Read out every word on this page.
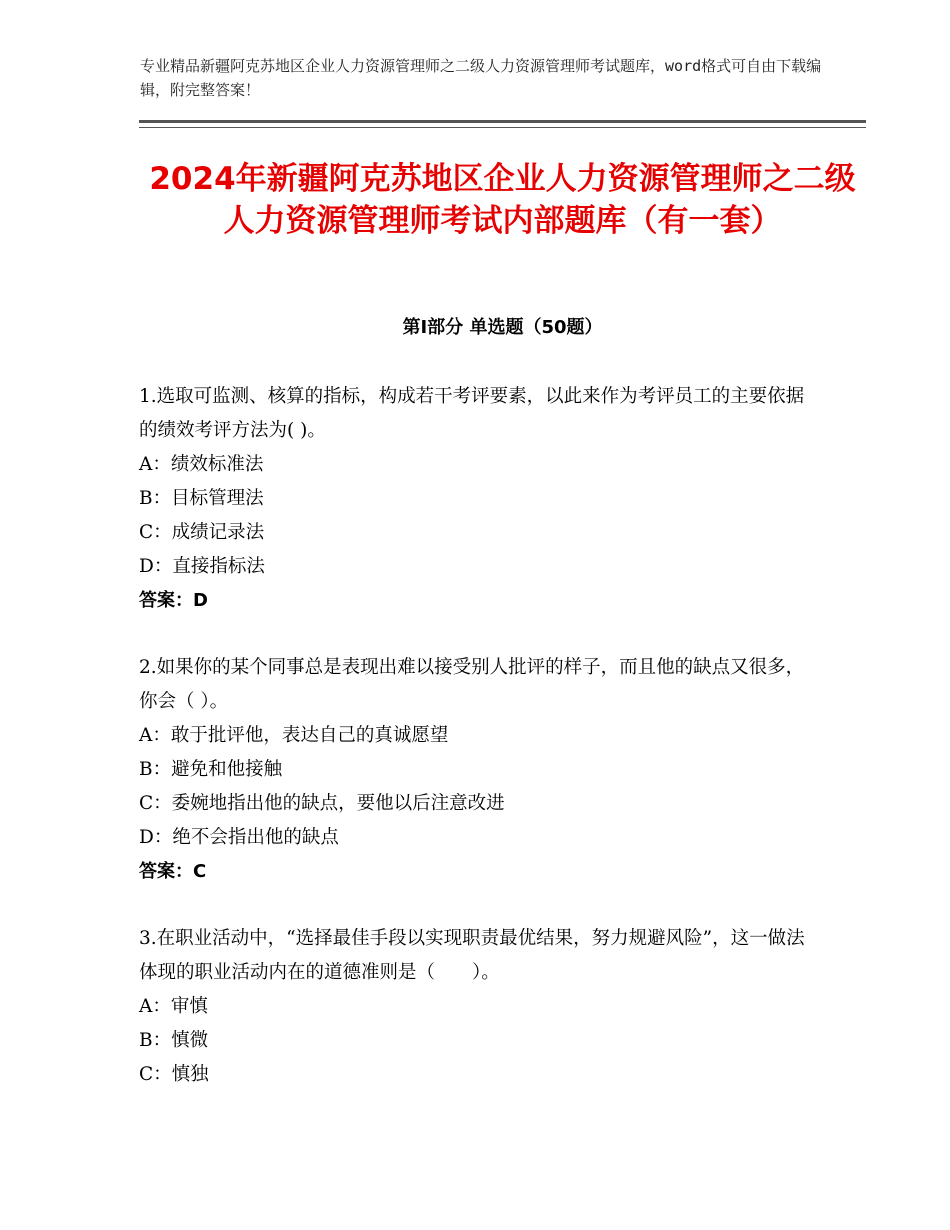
专业精品新疆阿克苏地区企业人力资源管理师之二级人力资源管理师考试题库，word格式可自由下载编辑，附完整答案！
2024年新疆阿克苏地区企业人力资源管理师之二级人力资源管理师考试内部题库（有一套）
第Ⅰ部分 单选题（50题）

1.选取可监测、核算的指标，构成若干考评要素，以此来作为考评员工的主要依据的绩效考评方法为( )。

A：绩效标准法

B：目标管理法

C：成绩记录法

D：直接指标法

答案：D

2.如果你的某个同事总是表现出难以接受别人批评的样子，而且他的缺点又很多，你会（ ）。

A：敢于批评他，表达自己的真诚愿望

B：避免和他接触

C：委婉地指出他的缺点，要他以后注意改进

D：绝不会指出他的缺点

答案：C

3.在职业活动中，“选择最佳手段以实现职责最优结果，努力规避风险”，这一做法体现的职业活动内在的道德准则是（　　）。

A：审慎

B：慎微

C：慎独
